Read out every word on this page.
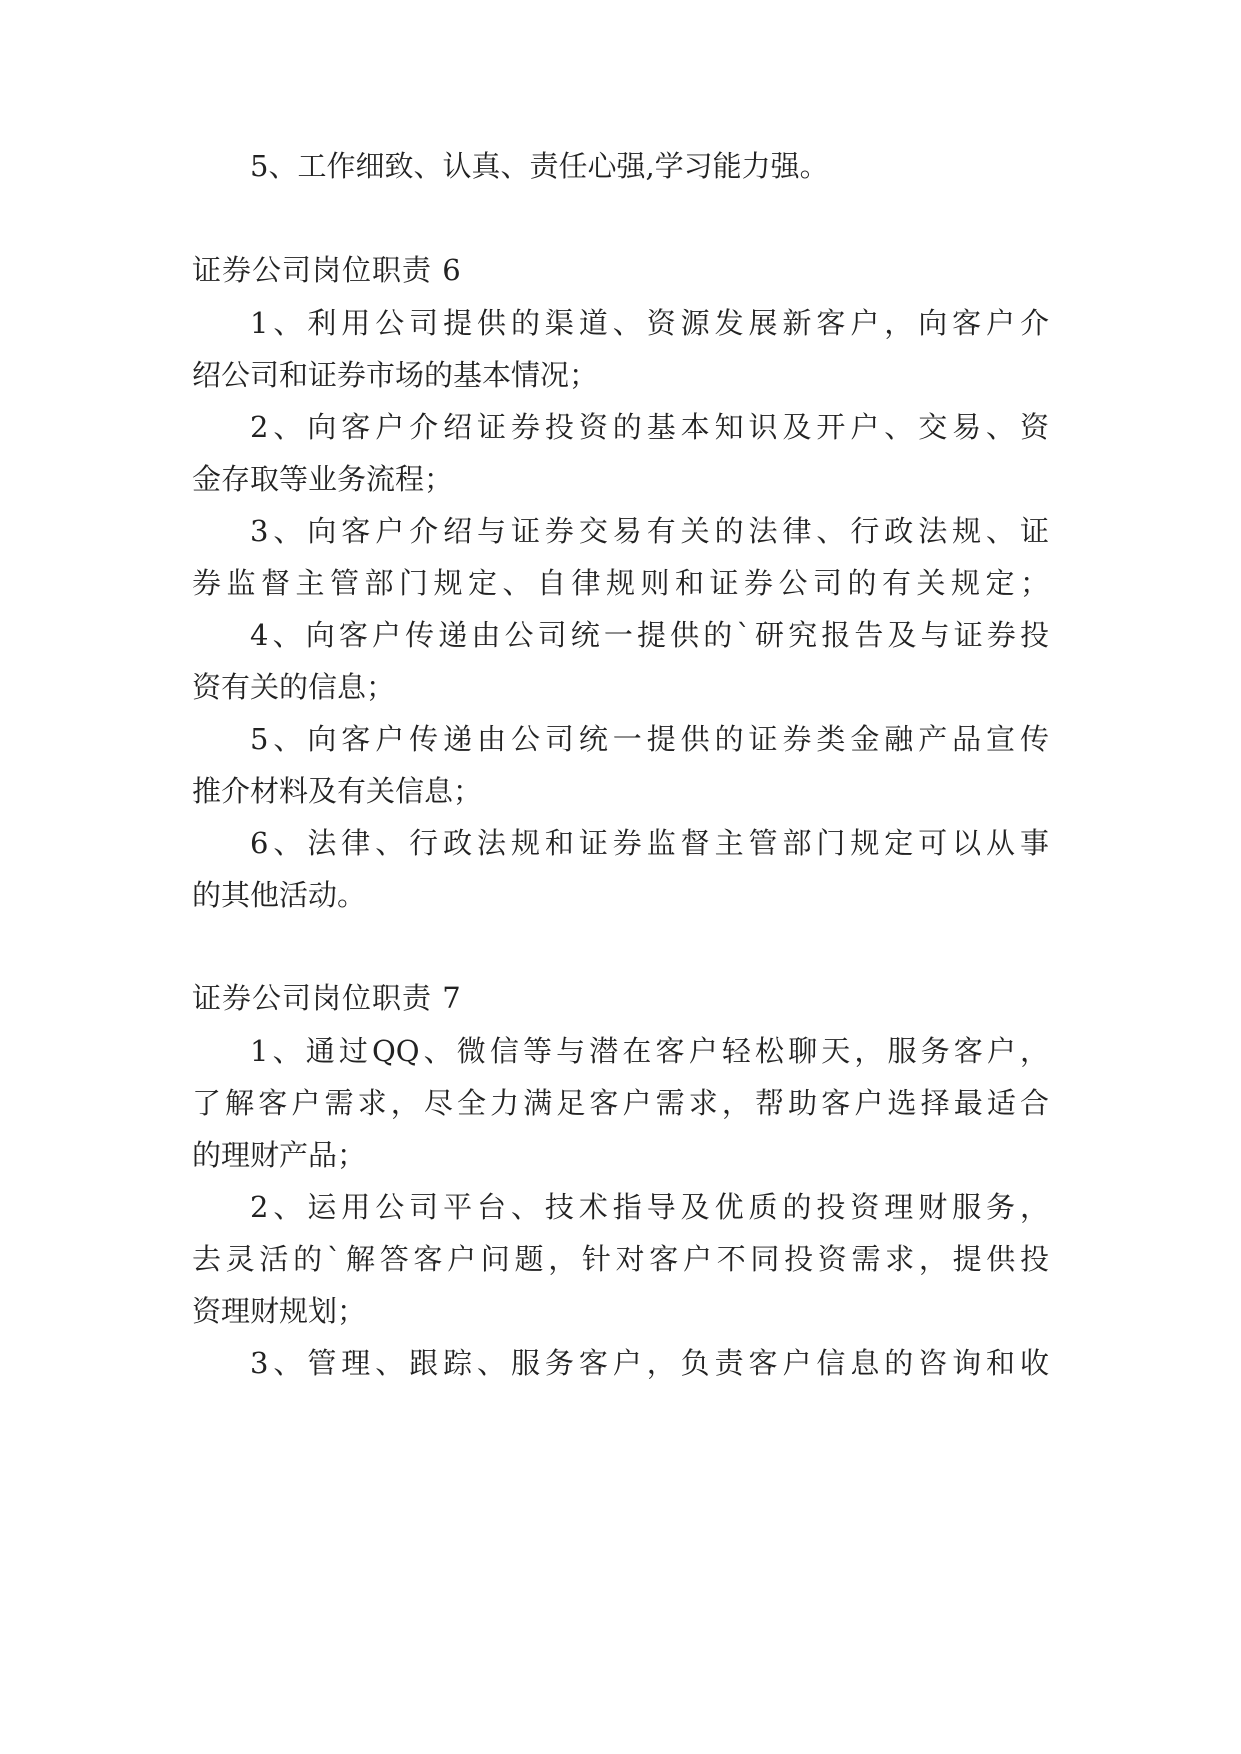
5、工作细致、认真、责任心强,学习能力强。

证券公司岗位职责 6

1、利用公司提供的渠道、资源发展新客户，向客户介

绍公司和证券市场的基本情况；

2、向客户介绍证券投资的基本知识及开户、交易、资

金存取等业务流程；

3、向客户介绍与证券交易有关的法律、行政法规、证

券监督主管部门规定、自律规则和证券公司的有关规定；

4、向客户传递由公司统一提供的`研究报告及与证券投

资有关的信息；

5、向客户传递由公司统一提供的证券类金融产品宣传

推介材料及有关信息；

6、法律、行政法规和证券监督主管部门规定可以从事

的其他活动。

证券公司岗位职责 7

1、通过QQ、微信等与潜在客户轻松聊天，服务客户，

了解客户需求，尽全力满足客户需求，帮助客户选择最适合

的理财产品；

2、运用公司平台、技术指导及优质的投资理财服务，

去灵活的`解答客户问题，针对客户不同投资需求，提供投

资理财规划；

3、管理、跟踪、服务客户，负责客户信息的咨询和收
